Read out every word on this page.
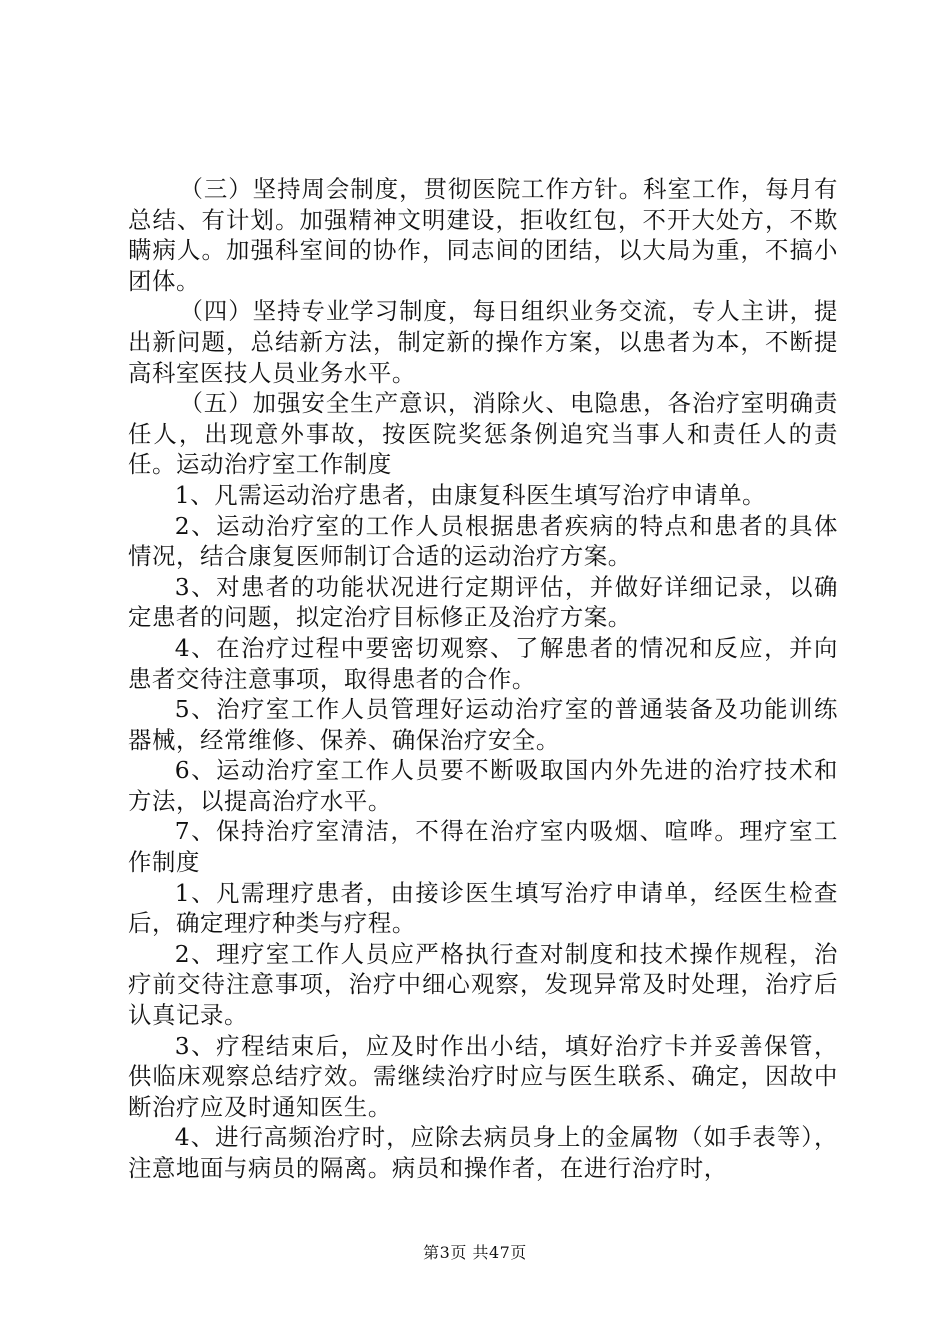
（三）坚持周会制度，贯彻医院工作方针。科室工作，每月有总结、有计划。加强精神文明建设，拒收红包，不开大处方，不欺瞒病人。加强科室间的协作，同志间的团结，以大局为重，不搞小团体。

（四）坚持专业学习制度，每日组织业务交流，专人主讲，提出新问题，总结新方法，制定新的操作方案，以患者为本，不断提高科室医技人员业务水平。

（五）加强安全生产意识，消除火、电隐患，各治疗室明确责任人，出现意外事故，按医院奖惩条例追究当事人和责任人的责任。运动治疗室工作制度

1、凡需运动治疗患者，由康复科医生填写治疗申请单。

2、运动治疗室的工作人员根据患者疾病的特点和患者的具体情况，结合康复医师制订合适的运动治疗方案。

3、对患者的功能状况进行定期评估，并做好详细记录，以确定患者的问题，拟定治疗目标修正及治疗方案。

4、在治疗过程中要密切观察、了解患者的情况和反应，并向患者交待注意事项，取得患者的合作。

5、治疗室工作人员管理好运动治疗室的普通装备及功能训练器械，经常维修、保养、确保治疗安全。

6、运动治疗室工作人员要不断吸取国内外先进的治疗技术和方法，以提高治疗水平。

7、保持治疗室清洁，不得在治疗室内吸烟、喧哗。理疗室工作制度

1、凡需理疗患者，由接诊医生填写治疗申请单，经医生检查后，确定理疗种类与疗程。

2、理疗室工作人员应严格执行查对制度和技术操作规程，治疗前交待注意事项，治疗中细心观察，发现异常及时处理，治疗后认真记录。

3、疗程结束后，应及时作出小结，填好治疗卡并妥善保管，供临床观察总结疗效。需继续治疗时应与医生联系、确定，因故中断治疗应及时通知医生。

4、进行高频治疗时，应除去病员身上的金属物（如手表等），注意地面与病员的隔离。病员和操作者，在进行治疗时，

第3页 共47页
